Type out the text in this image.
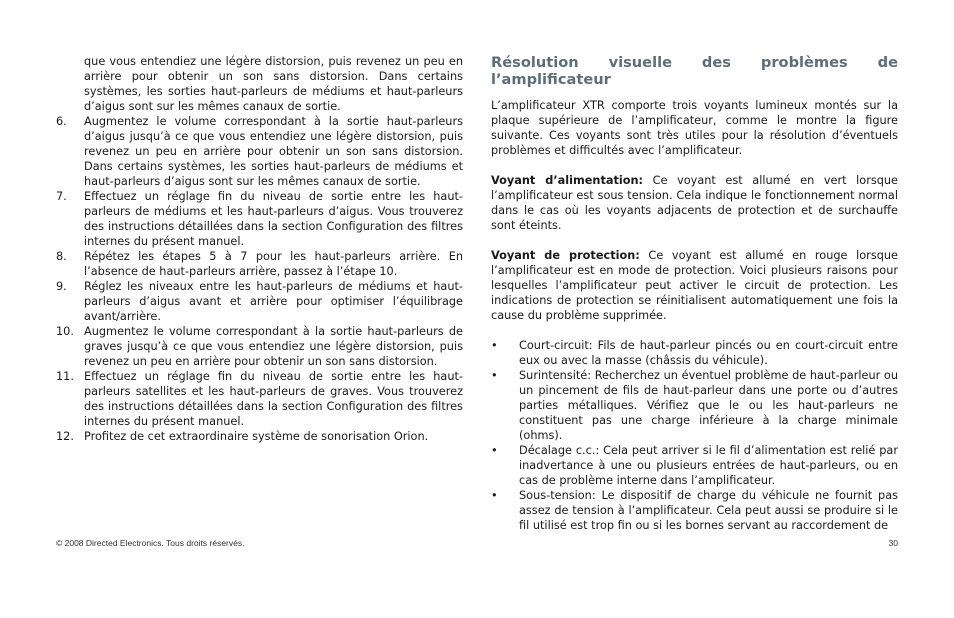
que vous entendiez une légère distorsion, puis revenez un peu en arrière pour obtenir un son sans distorsion. Dans certains systèmes, les sorties haut-parleurs de médiums et haut-parleurs d’aigus sont sur les mêmes canaux de sortie.
6.	Augmentez le volume correspondant à la sortie haut-parleurs d’aigus jusqu’à ce que vous entendiez une légère distorsion, puis revenez un peu en arrière pour obtenir un son sans distorsion. Dans certains systèmes, les sorties haut-parleurs de médiums et haut-parleurs d’aigus sont sur les mêmes canaux de sortie.
7.	Effectuez un réglage fin du niveau de sortie entre les haut-parleurs de médiums et les haut-parleurs d’aigus. Vous trouverez des instructions détaillées dans la section Configuration des filtres internes du présent manuel.
8.	Répétez les étapes 5 à 7 pour les haut-parleurs arrière. En l’absence de haut-parleurs arrière, passez à l’étape 10.
9.	Réglez les niveaux entre les haut-parleurs de médiums et haut-parleurs d’aigus avant et arrière pour optimiser l’équilibrage avant/arrière.
10. Augmentez le volume correspondant à la sortie haut-parleurs de graves jusqu’à ce que vous entendiez une légère distorsion, puis revenez un peu en arrière pour obtenir un son sans distorsion.
11. Effectuez un réglage fin du niveau de sortie entre les haut-parleurs satellites et les haut-parleurs de graves. Vous trouverez des instructions détaillées dans la section Configuration des filtres internes du présent manuel.
12. Profitez de cet extraordinaire système de sonorisation Orion.
Résolution visuelle des problèmes de
l’amplificateur

L’amplificateur XTR comporte trois voyants lumineux montés sur la plaque supérieure de l’amplificateur, comme le montre la figure suivante. Ces voyants sont très utiles pour la résolution d’éventuels problèmes et difficultés avec l’amplificateur.

Voyant d’alimentation: Ce voyant est allumé en vert lorsque l’amplificateur est sous tension. Cela indique le fonctionnement normal dans le cas où les voyants adjacents de protection et de surchauffe sont éteints.

Voyant de protection: Ce voyant est allumé en rouge lorsque l’amplificateur est en mode de protection. Voici plusieurs raisons pour lesquelles l’amplificateur peut activer le circuit de protection. Les indications de protection se réinitialisent automatiquement une fois la cause du problème supprimée.

•	Court-circuit: Fils de haut-parleur pincés ou en court-circuit entre eux ou avec la masse (châssis du véhicule).
•	Surintensité: Recherchez un éventuel problème de haut-parleur ou un pincement de fils de haut-parleur dans une porte ou d’autres parties métalliques. Vérifiez que le ou les haut-parleurs ne constituent pas une charge inférieure à la charge minimale (ohms).
•	Décalage c.c.: Cela peut arriver si le fil d’alimentation est relié par inadvertance à une ou plusieurs entrées de haut-parleurs, ou en cas de problème interne dans l’amplificateur.
•	Sous-tension: Le dispositif de charge du véhicule ne fournit pas assez de tension à l’amplificateur. Cela peut aussi se produire si le fil utilisé est trop fin ou si les bornes servant au raccordement de
© 2008 Directed Electronics. Tous droits réservés.	30
